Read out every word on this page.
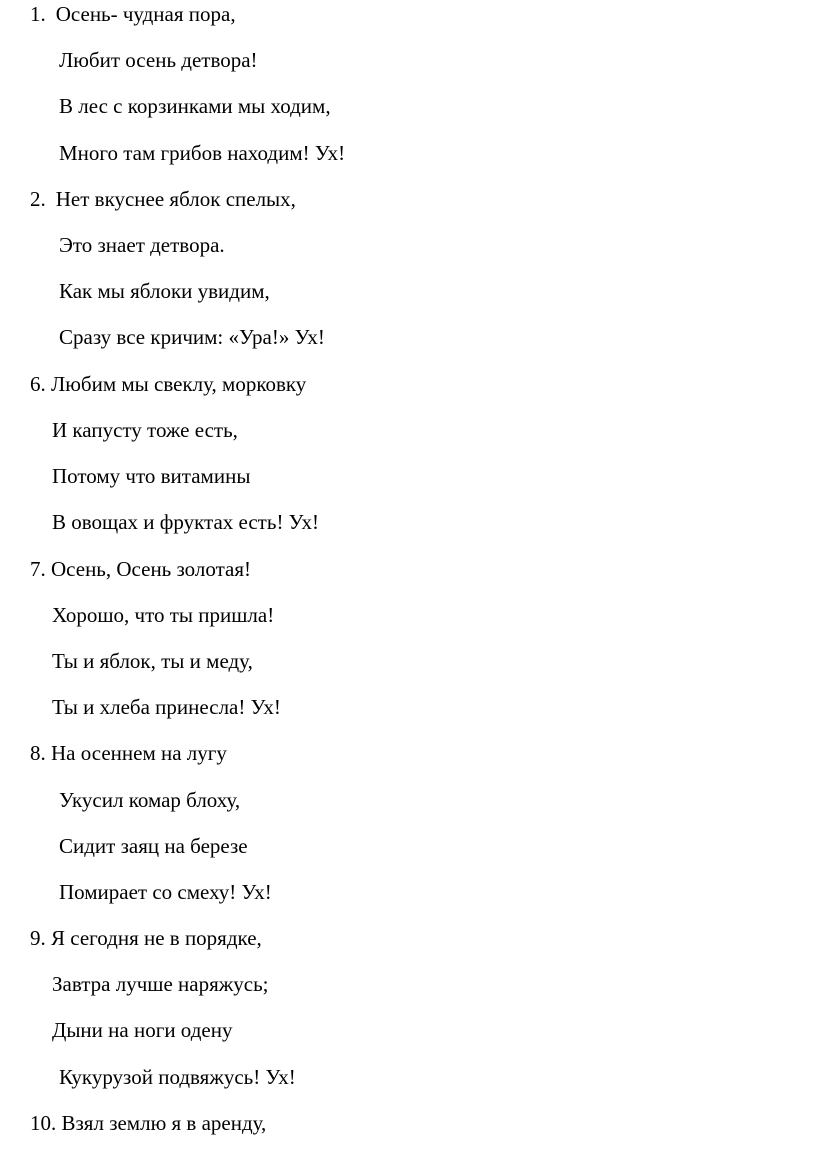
1. Осень- чудная пора,
Любит осень детвора!
В лес с корзинками мы ходим,
Много там грибов находим! Ух!
2. Нет вкуснее яблок спелых,
Это знает детвора.
Как мы яблоки увидим,
Сразу все кричим: «Ура!» Ух!
6. Любим мы свеклу, морковку
И капусту тоже есть,
Потому что витамины
В овощах и фруктах есть! Ух!
7. Осень, Осень золотая!
Хорошо, что ты пришла!
Ты и яблок, ты и меду,
Ты и хлеба принесла! Ух!
8. На осеннем на лугу
Укусил комар блоху,
Сидит заяц на березе
Помирает со смеху! Ух!
9. Я сегодня не в порядке,
Завтра лучше наряжусь;
Дыни на ноги одену
Кукурузой подвяжусь! Ух!
10. Взял землю я в аренду,
